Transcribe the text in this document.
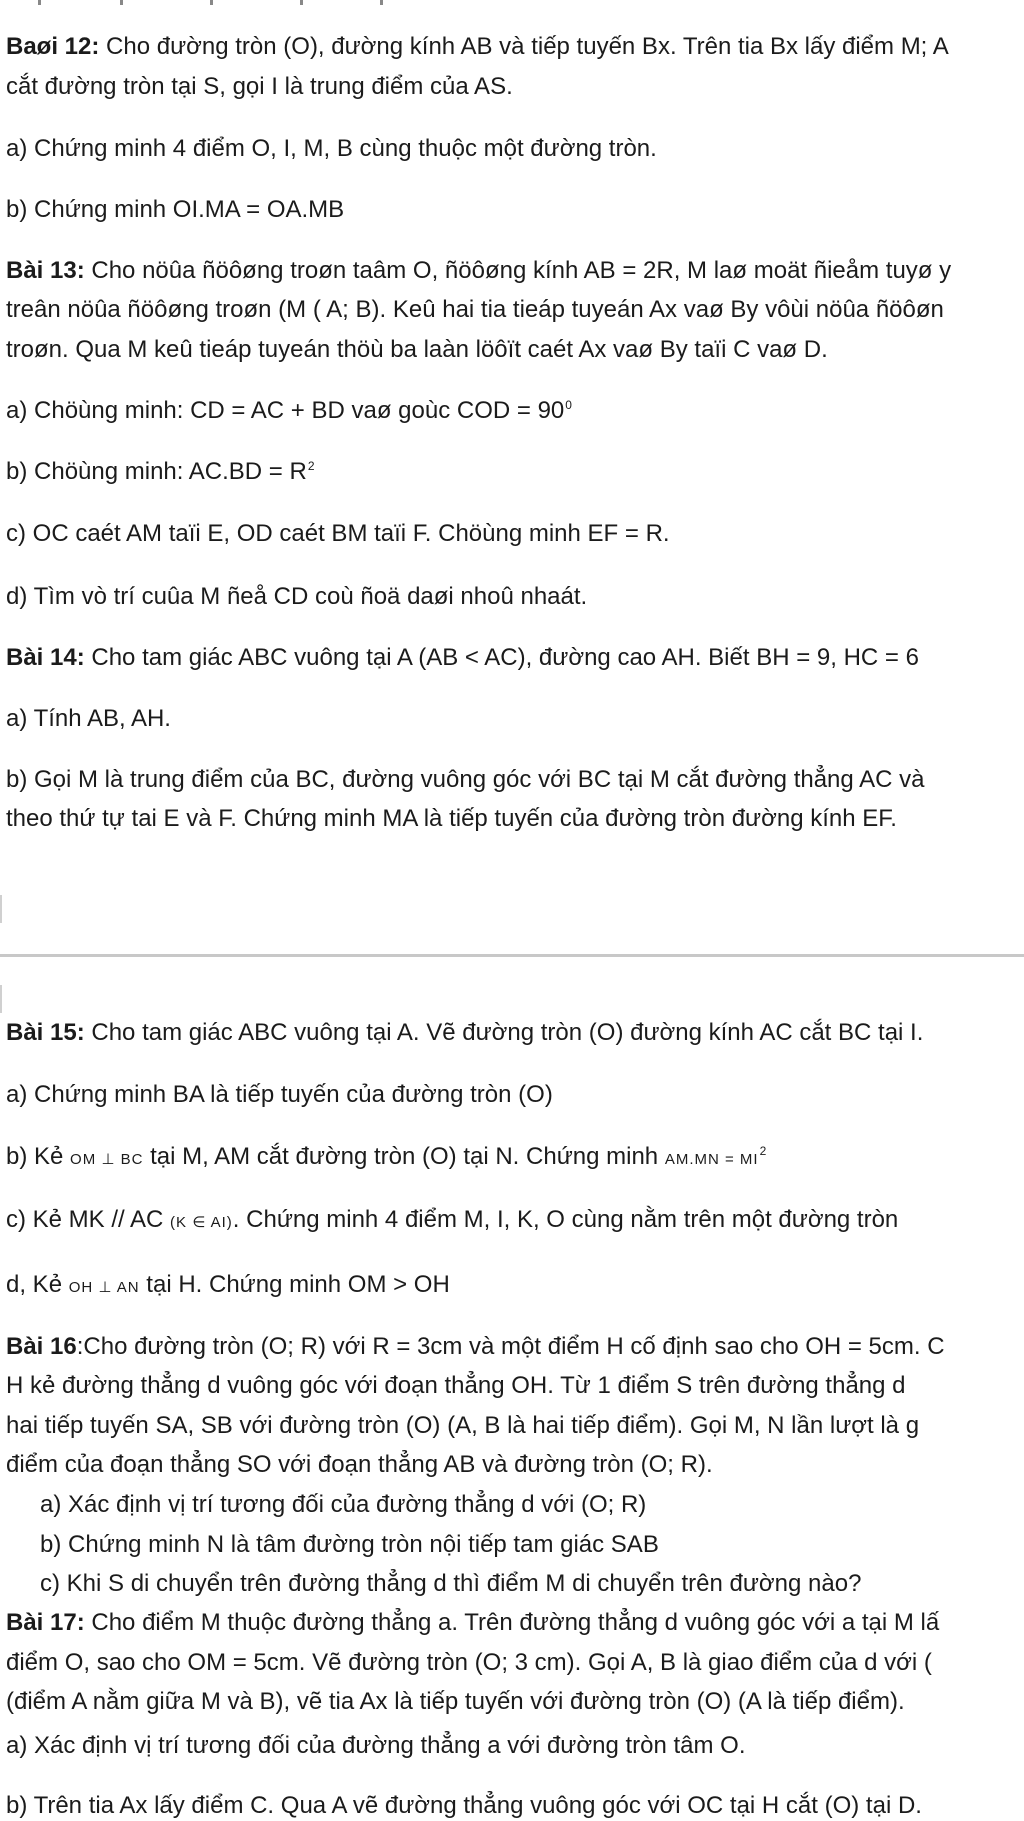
Baøi 12: Cho đường tròn (O), đường kính AB và tiếp tuyến Bx. Trên tia Bx lấy điểm M; A
cắt đường tròn tại S, gọi I là trung điểm của AS.
a) Chứng minh 4 điểm O, I, M, B cùng thuộc một đường tròn.
b) Chứng minh OI.MA = OA.MB
Bài 13: Cho nöûa ñöôøng troøn taâm O, ñöôøng kính AB = 2R, M laø moät ñieåm tuyø y
treân nöûa ñöôøng troøn (M ( A; B). Keû hai tia tieáp tuyeán Ax vaø By vôùi nöûa ñöôøn
troøn. Qua M keû tieáp tuyeán thöù ba laàn löôït caét Ax vaø By taïi C vaø D.
a) Chöùng minh: CD = AC + BD vaø goùc COD = $90^0$
b) Chöùng minh: $AC.BD = R^2$
c) OC caét AM taïi E, OD caét BM taïi F. Chöùng minh EF = R.
d) Tìm vò trí cuûa M ñeå CD coù ñoä daøi nhoû nhaát.
Bài 14: Cho tam giác ABC vuông tại A (AB < AC), đường cao AH. Biết BH = 9, HC = 6
a) Tính AB, AH.
b) Gọi M là trung điểm của BC, đường vuông góc với BC tại M cắt đường thẳng AC và
theo thứ tự tai E và F. Chứng minh MA là tiếp tuyến của đường tròn đường kính EF.
Bài 15: Cho tam giác ABC vuông tại A. Vẽ đường tròn (O) đường kính AC cắt BC tại I.
a) Chứng minh BA là tiếp tuyến của đường tròn (O)
b) Kẻ OM ⊥ BC tại M, AM cắt đường tròn (O) tại N. Chứng minh $AM.MN = MI^2$
c) Kẻ MK // AC (K ∈ AI). Chứng minh 4 điểm M, I, K, O cùng nằm trên một đường tròn
d, Kẻ OH ⊥ AN tại H. Chứng minh OM > OH
Bài 16:Cho đường tròn (O; R) với R = 3cm và một điểm H cố định sao cho OH = 5cm. C
H kẻ đường thẳng d vuông góc với đoạn thẳng OH. Từ 1 điểm S trên đường thẳng d
hai tiếp tuyến SA, SB với đường tròn (O) (A, B là hai tiếp điểm). Gọi M, N lần lượt là g
điểm của đoạn thẳng SO với đoạn thẳng AB và đường tròn (O; R).
a) Xác định vị trí tương đối của đường thẳng d với (O; R)
b) Chứng minh N là tâm đường tròn nội tiếp tam giác SAB
c) Khi S di chuyển trên đường thẳng d thì điểm M di chuyển trên đường nào?
Bài 17: Cho điểm M thuộc đường thẳng a. Trên đường thẳng d vuông góc với a tại M lấ
điểm O, sao cho OM = 5cm. Vẽ đường tròn (O; 3 cm). Gọi A, B là giao điểm của d với (
(điểm A nằm giữa M và B), vẽ tia Ax là tiếp tuyến với đường tròn (O) (A là tiếp điểm).
a) Xác định vị trí tương đối của đường thẳng a với đường tròn tâm O.
b) Trên tia Ax lấy điểm C. Qua A vẽ đường thẳng vuông góc với OC tại H cắt (O) tại D.
